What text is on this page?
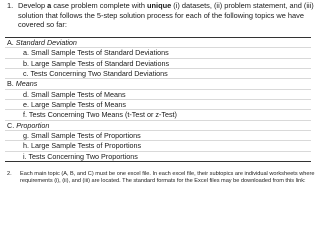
1. Develop a case problem complete with unique (i) datasets, (ii) problem statement, and (iii) solution that follows the 5-step solution process for each of the following topics we have covered so far:
A. Standard Deviation
a. Small Sample Tests of Standard Deviations
b. Large Sample Tests of Standard Deviations
c. Tests Concerning Two Standard Deviations
B. Means
d. Small Sample Tests of Means
e. Large Sample Tests of Means
f. Tests Concerning Two Means (t-Test or z-Test)
C. Proportion
g. Small Sample Tests of Proportions
h. Large Sample Tests of Proportions
i. Tests Concerning Two Proportions
2. Each main topic (A, B, and C) must be one excel file. In each excel file, their subtopics are individual worksheets where requirements (i), (ii), and (iii) are located. The standard formats for the Excel files may be downloaded from this link:
